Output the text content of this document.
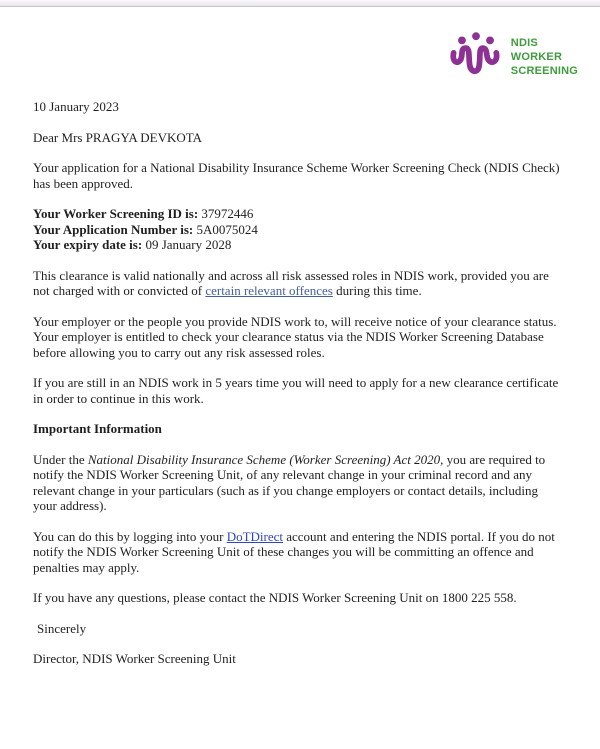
NDIS
WORKER
SCREENING

10 January 2023

Dear Mrs PRAGYA DEVKOTA

Your application for a National Disability Insurance Scheme Worker Screening Check (NDIS Check)
has been approved.

Your Worker Screening ID is: 37972446
Your Application Number is: 5A0075024
Your expiry date is: 09 January 2028

This clearance is valid nationally and across all risk assessed roles in NDIS work, provided you are
not charged with or convicted of certain relevant offences during this time.

Your employer or the people you provide NDIS work to, will receive notice of your clearance status.
Your employer is entitled to check your clearance status via the NDIS Worker Screening Database
before allowing you to carry out any risk assessed roles.

If you are still in an NDIS work in 5 years time you will need to apply for a new clearance certificate
in order to continue in this work.

Important Information

Under the National Disability Insurance Scheme (Worker Screening) Act 2020, you are required to
notify the NDIS Worker Screening Unit, of any relevant change in your criminal record and any
relevant change in your particulars (such as if you change employers or contact details, including
your address).

You can do this by logging into your DoTDirect account and entering the NDIS portal. If you do not
notify the NDIS Worker Screening Unit of these changes you will be committing an offence and
penalties may apply.

If you have any questions, please contact the NDIS Worker Screening Unit on 1800 225 558.

Sincerely

Director, NDIS Worker Screening Unit
